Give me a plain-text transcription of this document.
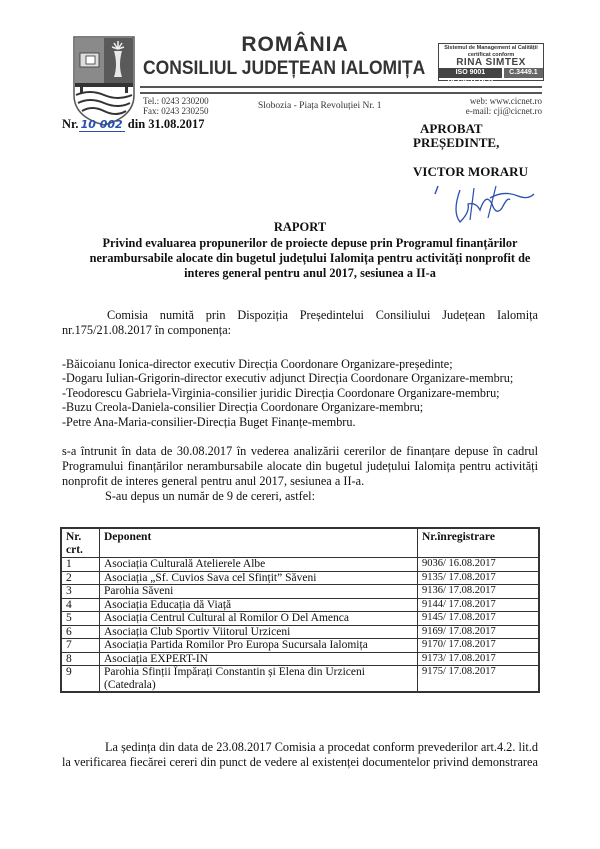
ROMÂNIA
CONSILIUL JUDEȚEAN IALOMIȚA
Sistemul de Management al Calității
certificat conform
RINA SIMTEX
ISO 9001 REGISTERED
C.3449.1
Tel.: 0243 230200
Fax: 0243 230250	Slobozia - Piața Revoluției Nr. 1	web: www.cicnet.ro
e-mail: cji@cicnet.ro
Nr. 10 002 din 31.08.2017	APROBAT
PREȘEDINTE,
VICTOR MORARU
RAPORT
Privind evaluarea propunerilor de proiecte depuse prin Programul finanțărilor nerambursabile alocate din bugetul județului Ialomița pentru activități nonprofit de interes general pentru anul 2017, sesiunea a II-a
Comisia numită prin Dispoziția Președintelui Consiliului Județean Ialomița nr.175/21.08.2017 în componența:
-Băicoianu Ionica-director executiv Direcția Coordonare Organizare-președinte;
-Dogaru Iulian-Grigorin-director executiv adjunct Direcția Coordonare Organizare-membru;
-Teodorescu Gabriela-Virginia-consilier juridic Direcția Coordonare Organizare-membru;
-Buzu Creola-Daniela-consilier Direcția Coordonare Organizare-membru;
-Petre Ana-Maria-consilier-Direcția Buget Finanțe-membru.
s-a întrunit în data de 30.08.2017 în vederea analizării cererilor de finanțare depuse în cadrul Programului finanțărilor nerambursabile alocate din bugetul județului Ialomița pentru activități nonprofit de interes general pentru anul 2017, sesiunea a II-a.
S-au depus un număr de 9 de cereri, astfel:
Nr. crt.	Deponent	Nr.înregistrare
1	Asociația Culturală Atelierele Albe	9036/ 16.08.2017
2	Asociația „Sf. Cuvios Sava cel Sfințit” Săveni	9135/ 17.08.2017
3	Parohia Săveni	9136/ 17.08.2017
4	Asociația Educația dă Viață	9144/ 17.08.2017
5	Asociația Centrul Cultural al Romilor O Del Amenca	9145/ 17.08.2017
6	Asociația Club Sportiv Viitorul Urziceni	9169/ 17.08.2017
7	Asociația Partida Romilor Pro Europa Sucursala Ialomița	9170/ 17.08.2017
8	Asociația EXPERT-IN	9173/ 17.08.2017
9	Parohia Sfinții Împărați Constantin și Elena din Urziceni (Catedrala)	9175/ 17.08.2017
La ședința din data de 23.08.2017 Comisia a procedat conform prevederilor art.4.2. lit.d la verificarea fiecărei cereri din punct de vedere al existenței documentelor privind demonstrarea
